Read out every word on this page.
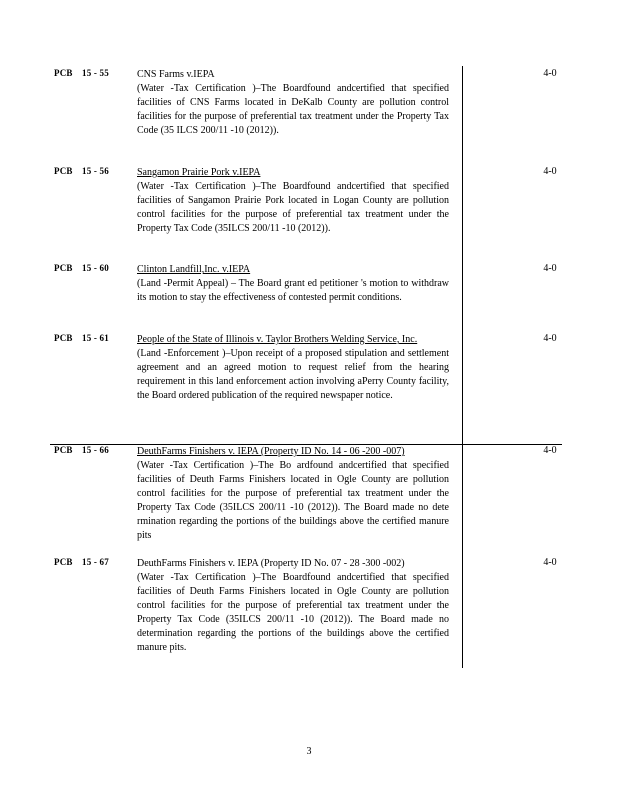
PCB 15 - 55	CNS Farms v.IEPA
(Water -Tax Certification )–The Boardfound andcertified that specified facilities of CNS Farms located in DeKalb County are pollution control facilities for the purpose of preferential tax treatment under the Property Tax Code (35 ILCS 200/11 -10 (2012)).
4-0
PCB 15 - 56	Sangamon Prairie Pork v.IEPA
(Water -Tax Certification )–The Boardfound andcertified that specified facilities of Sangamon Prairie Pork located in Logan County are pollution control facilities for the purpose of preferential tax treatment under the Property Tax Code (35ILCS 200/11 -10 (2012)).
4-0
PCB 15 - 60	Clinton Landfill,Inc. v.IEPA
(Land -Permit Appeal) – The Board grant ed petitioner 's motion to withdraw its motion to stay the effectiveness of contested permit conditions.
4-0
PCB 15 - 61	People of the State of Illinois v. Taylor Brothers Welding Service, Inc.
(Land -Enforcement )–Upon receipt of a proposed stipulation and settlement agreement and an agreed motion to request relief from the hearing requirement in this land enforcement action involving aPerry County facility, the Board ordered publication of the required newspaper notice.
4-0
PCB 15 - 66	DeuthFarms Finishers v. IEPA (Property ID No. 14 - 06 -200 -007)
(Water -Tax Certification )–The Bo ardfound andcertified that specified facilities of Deuth Farms Finishers located in Ogle County are pollution control facilities for the purpose of preferential tax treatment under the Property Tax Code (35ILCS 200/11 -10 (2012)). The Board made no dete rmination regarding the portions of the buildings above the certified manure pits
4-0
PCB 15 - 67	DeuthFarms Finishers v. IEPA (Property ID No. 07 - 28 -300 -002)
(Water -Tax Certification )–The Boardfound andcertified that specified facilities of Deuth Farms Finishers located in Ogle County are pollution control facilities for the purpose of preferential tax treatment under the Property Tax Code (35ILCS 200/11 -10 (2012)). The Board made no determination regarding the portions of the buildings above the certified manure pits.
4-0
3
